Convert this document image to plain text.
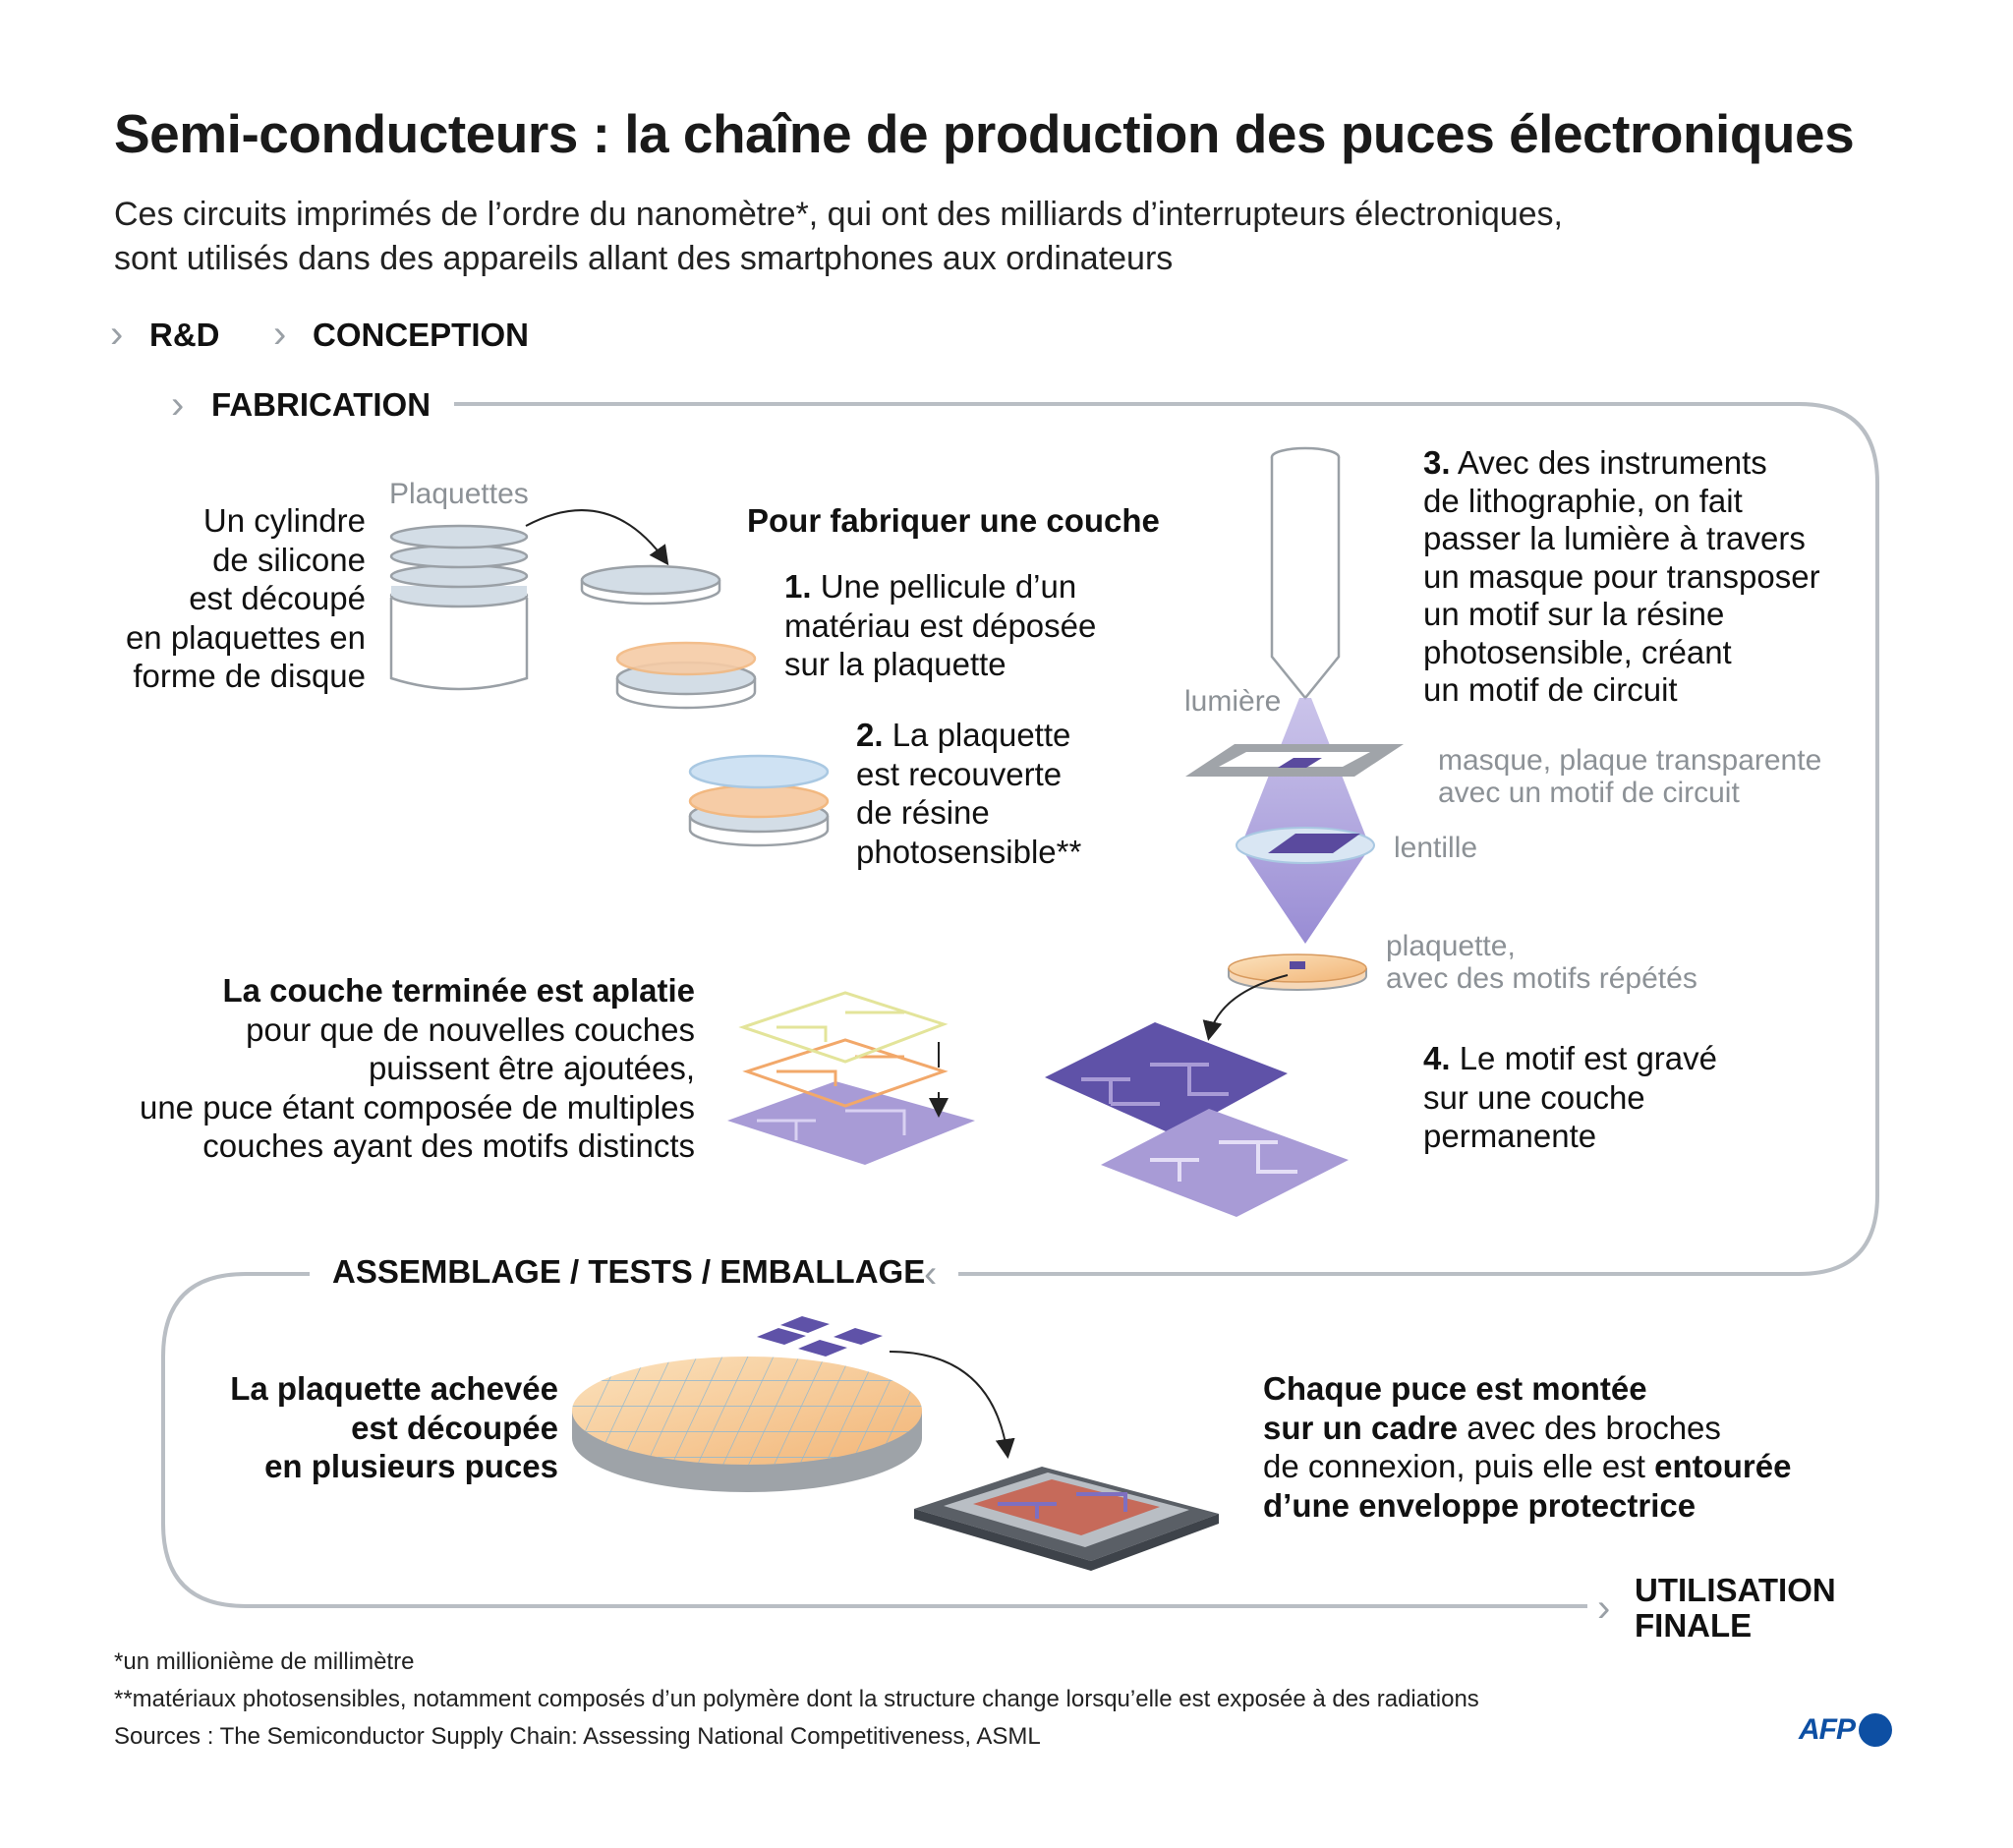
Semi-conducteurs : la chaîne de production des puces électroniques
Ces circuits imprimés de l’ordre du nanomètre*, qui ont des milliards d’interrupteurs électroniques,
sont utilisés dans des appareils allant des smartphones aux ordinateurs
› R&D › CONCEPTION
› FABRICATION
ASSEMBLAGE / TESTS / EMBALLAGE
‹
› UTILISATION
FINALE
Plaquettes
Un cylindre
de silicone
est découpé
en plaquettes en
forme de disque
Pour fabriquer une couche
1. Une pellicule d’un
matériau est déposée
sur la plaquette
2. La plaquette
est recouverte
de résine
photosensible**
3. Avec des instruments
de lithographie, on fait
passer la lumière à travers
un masque pour transposer
un motif sur la résine
photosensible, créant
un motif de circuit
lumière
masque, plaque transparente
avec un motif de circuit
lentille
plaquette,
avec des motifs répétés
4. Le motif est gravé
sur une couche
permanente
La couche terminée est aplatie
pour que de nouvelles couches
puissent être ajoutées,
une puce étant composée de multiples
couches ayant des motifs distincts
La plaquette achevée
est découpée
en plusieurs puces
Chaque puce est montée
sur un cadre avec des broches
de connexion, puis elle est entourée
d’une enveloppe protectrice
*un millionième de millimètre
**matériaux photosensibles, notamment composés d’un polymère dont la structure change lorsqu’elle est exposée à des radiations
Sources : The Semiconductor Supply Chain: Assessing National Competitiveness, ASML	AFP
